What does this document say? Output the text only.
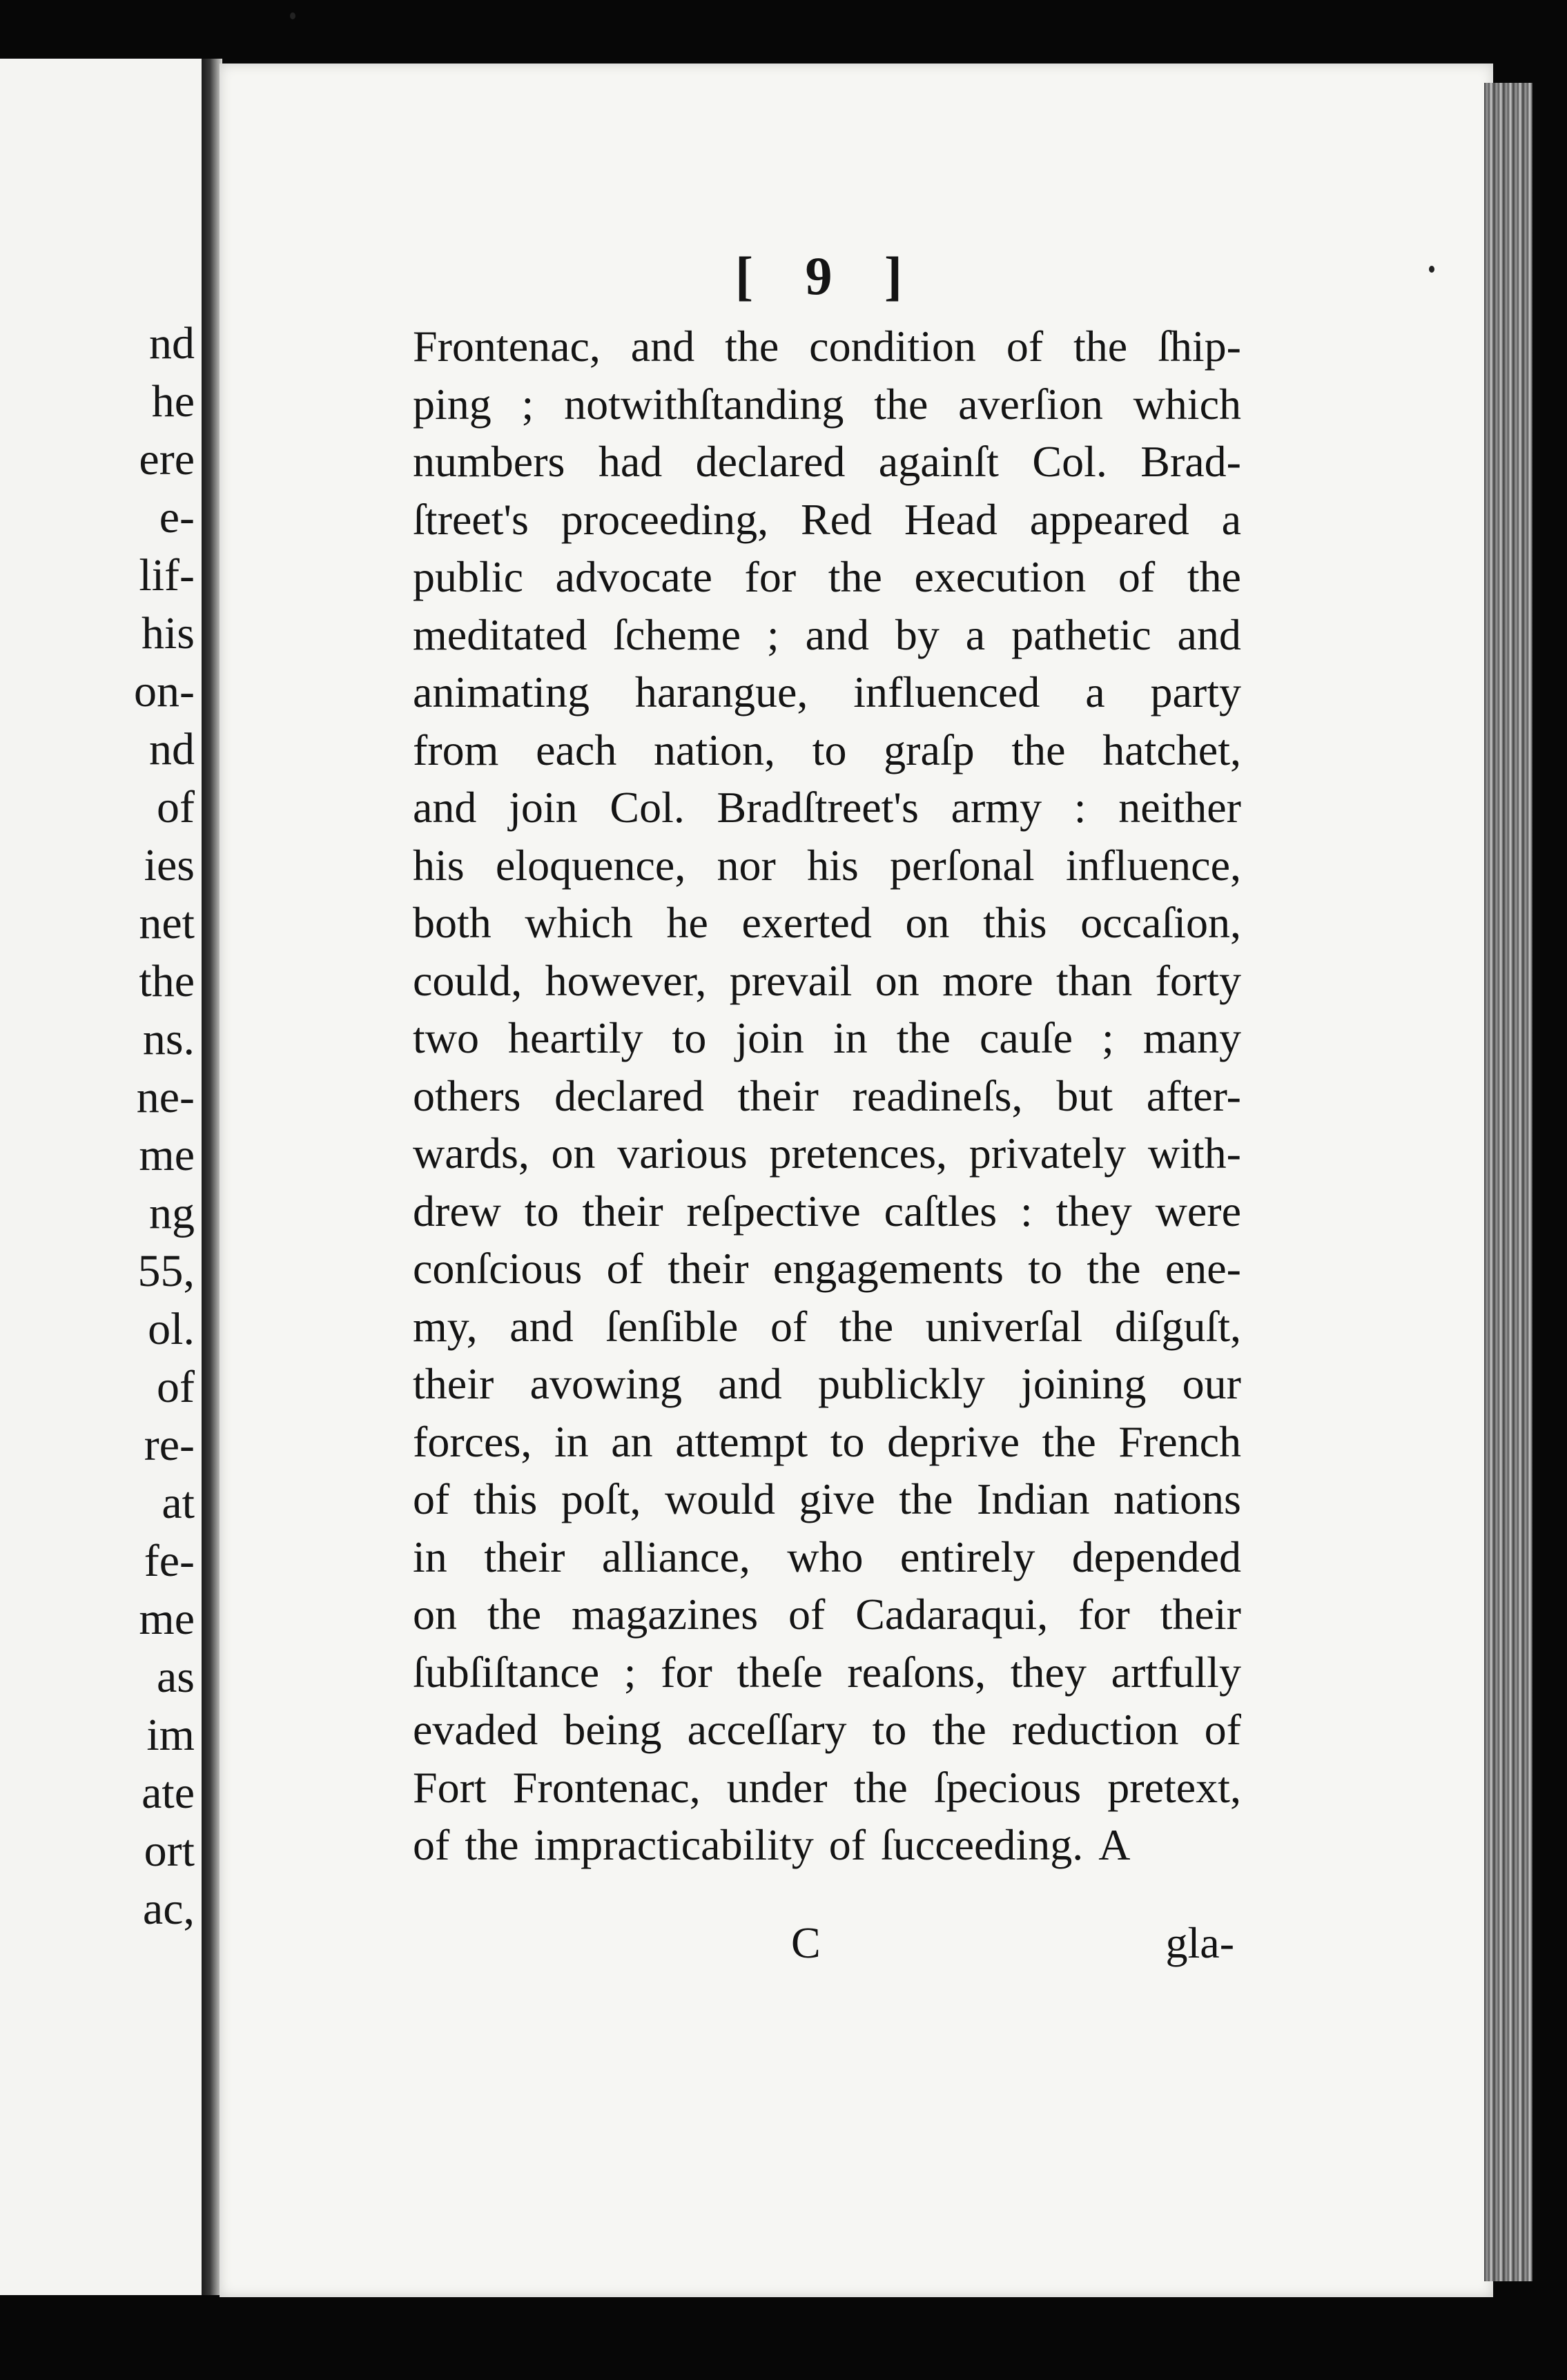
nd
he
ere
e-
lif-
his
on-
nd
of
ies
net
the
ns.
ne-
me
ng
55,
ol.
of
re-
at
fe-
me
as
im
ate
ort
ac,
[ 9 ]
Frontenac, and the condition of the ſhip-
ping ; notwithſtanding the averſion which
numbers had declared againſt Col. Brad-
ſtreet's proceeding, Red Head appeared a
public advocate for the execution of the
meditated ſcheme ; and by a pathetic and
animating harangue, influenced a party
from each nation, to graſp the hatchet,
and join Col. Bradſtreet's army : neither
his eloquence, nor his perſonal influence,
both which he exerted on this occaſion,
could, however, prevail on more than forty
two heartily to join in the cauſe ; many
others declared their readineſs, but after-
wards, on various pretences, privately with-
drew to their reſpective caſtles : they were
conſcious of their engagements to the ene-
my, and ſenſible of the univerſal diſguſt,
their avowing and publickly joining our
forces, in an attempt to deprive the French
of this poſt, would give the Indian nations
in their alliance, who entirely depended
on the magazines of Cadaraqui, for their
ſubſiſtance ; for theſe reaſons, they artfully
evaded being acceſſary to the reduction of
Fort Frontenac, under the ſpecious pretext,
of the impracticability of ſucceeding. A
C	gla-
